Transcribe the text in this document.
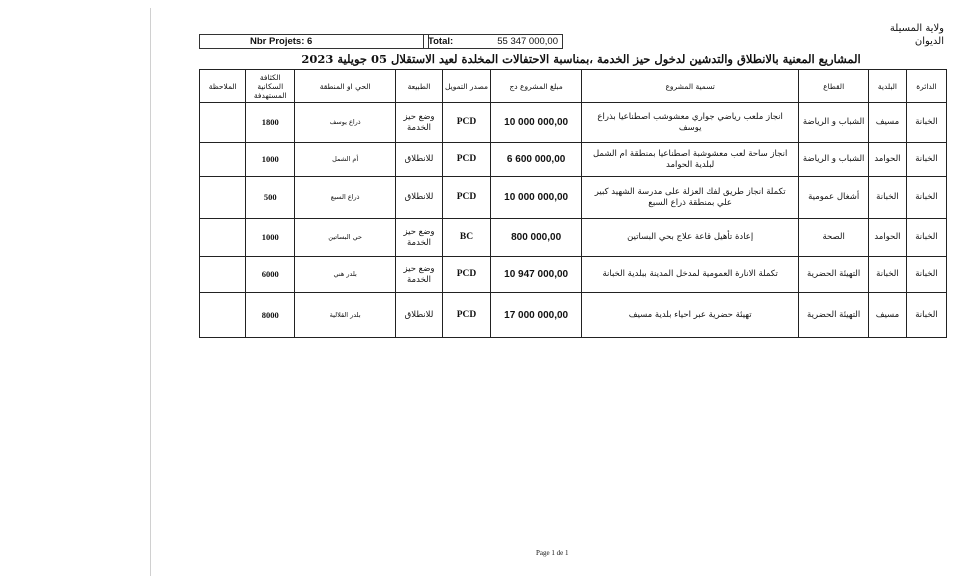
ولاية المسيلة
الديوان
Nbr Projets: 6	Total:	55 347 000,00
المشاريع المعنية بالانطلاق والتدشين لدخول حيز الخدمة ،بمناسبة الاحتفالات المخلدة لعيد الاستقلال 05 جويلية 2023
الدائرة	البلدية	القطاع	تسمية المشروع	مبلغ المشروع دج	مصدر التمويل	الطبيعة	الحي او المنطقة	الكثافة السكانية المستهدفة	الملاحظة
الخبانة	مسيف	الشباب و الرياضة	انجاز ملعب رياضي جواري معشوشب اصطناعيا بذراع يوسف	10 000 000,00	PCD	وضع حيز الخدمة	ذراع يوسف	1800	
الخبانة	الحوامد	الشباب و الرياضة	انجاز ساحة لعب معشوشبة اصطناعيا بمنطقة ام الشمل لبلدية الحوامد	6 600 000,00	PCD	للانطلاق	أم الشمل	1000	
الخبانة	الخبانة	أشغال عمومية	تكملة انجاز طريق لفك العزلة على مدرسة الشهيد كبير علي بمنطقة ذراع السبع	10 000 000,00	PCD	للانطلاق	ذراع السبع	500	
الخبانة	الحوامد	الصحة	إعادة تأهيل قاعة علاج بحي البساتين	800 000,00	BC	وضع حيز الخدمة	حي البساتين	1000	
الخبانة	الخبانة	التهيئة الحضرية	تكملة الانارة العمومية لمدخل المدينة ببلدية الخبانة	10 947 000,00	PCD	وضع حيز الخدمة	بلدر هني	6000	
الخبانة	مسيف	التهيئة الحضرية	تهيئة حضرية عبر احياء بلدية مسيف	17 000 000,00	PCD	للانطلاق	بلدر القلالية	8000	
Page 1 de 1
